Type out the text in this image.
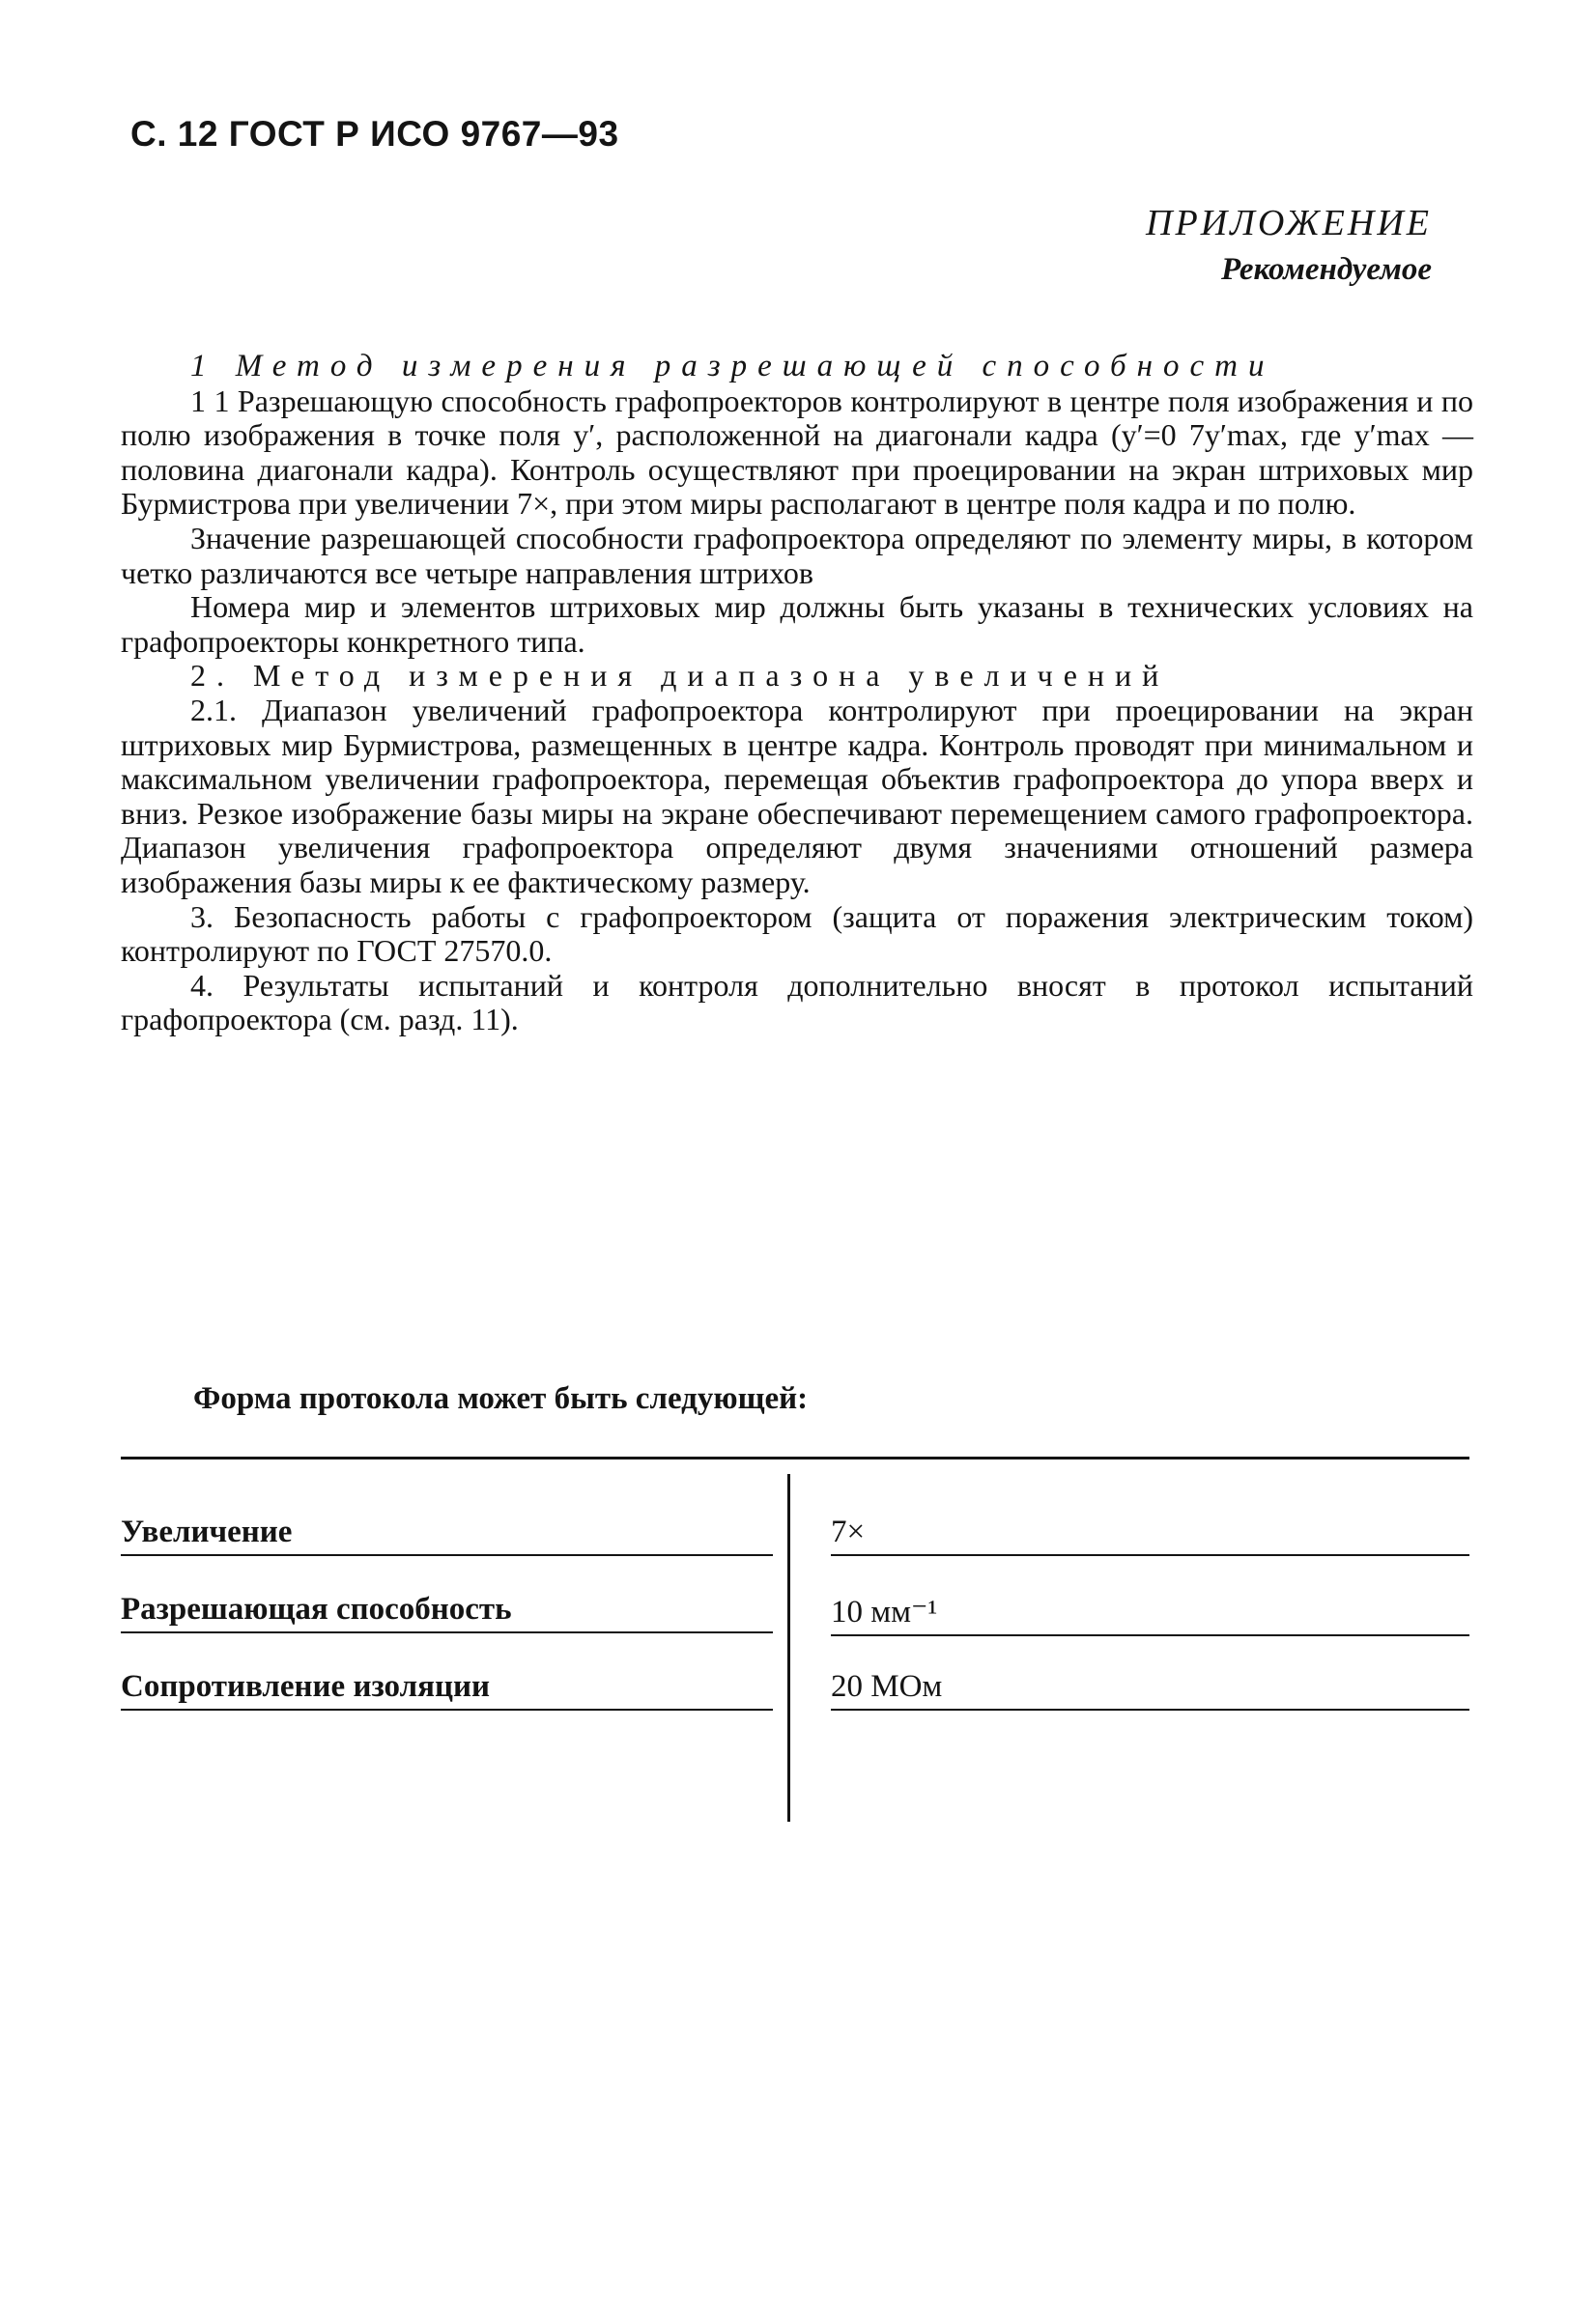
С. 12 ГОСТ Р ИСО 9767—93
ПРИЛОЖЕНИЕ
Рекомендуемое

1 Метод измерения разрешающей способности

1 1 Разрешающую способность графопроекторов контролируют в центре поля изображения и по полю изображения в точке поля y′, расположенной на диагонали кадра (y′=0 7y′max, где y′max — половина диагонали кадра). Контроль осуществляют при проецировании на экран штриховых мир Бурмистрова при увеличении 7×, при этом миры располагают в центре поля кадра и по полю.

Значение разрешающей способности графопроектора определяют по элементу миры, в котором четко различаются все четыре направления штрихов

Номера мир и элементов штриховых мир должны быть указаны в технических условиях на графопроекторы конкретного типа.

2. Метод измерения диапазона увеличений

2.1. Диапазон увеличений графопроектора контролируют при проецировании на экран штриховых мир Бурмистрова, размещенных в центре кадра. Контроль проводят при минимальном и максимальном увеличении графопроектора, перемещая объектив графопроектора до упора вверх и вниз. Резкое изображение базы миры на экране обеспечивают перемещением самого графопроектора. Диапазон увеличения графопроектора определяют двумя значениями отношений размера изображения базы миры к ее фактическому размеру.

3. Безопасность работы с графопроектором (защита от поражения электрическим током) контролируют по ГОСТ 27570.0.

4. Результаты испытаний и контроля дополнительно вносят в протокол испытаний графопроектора (см. разд. 11).

Форма протокола может быть следующей:
Увеличение	7×
Разрешающая способность	10 мм⁻¹
Сопротивление изоляции	20 МОм
